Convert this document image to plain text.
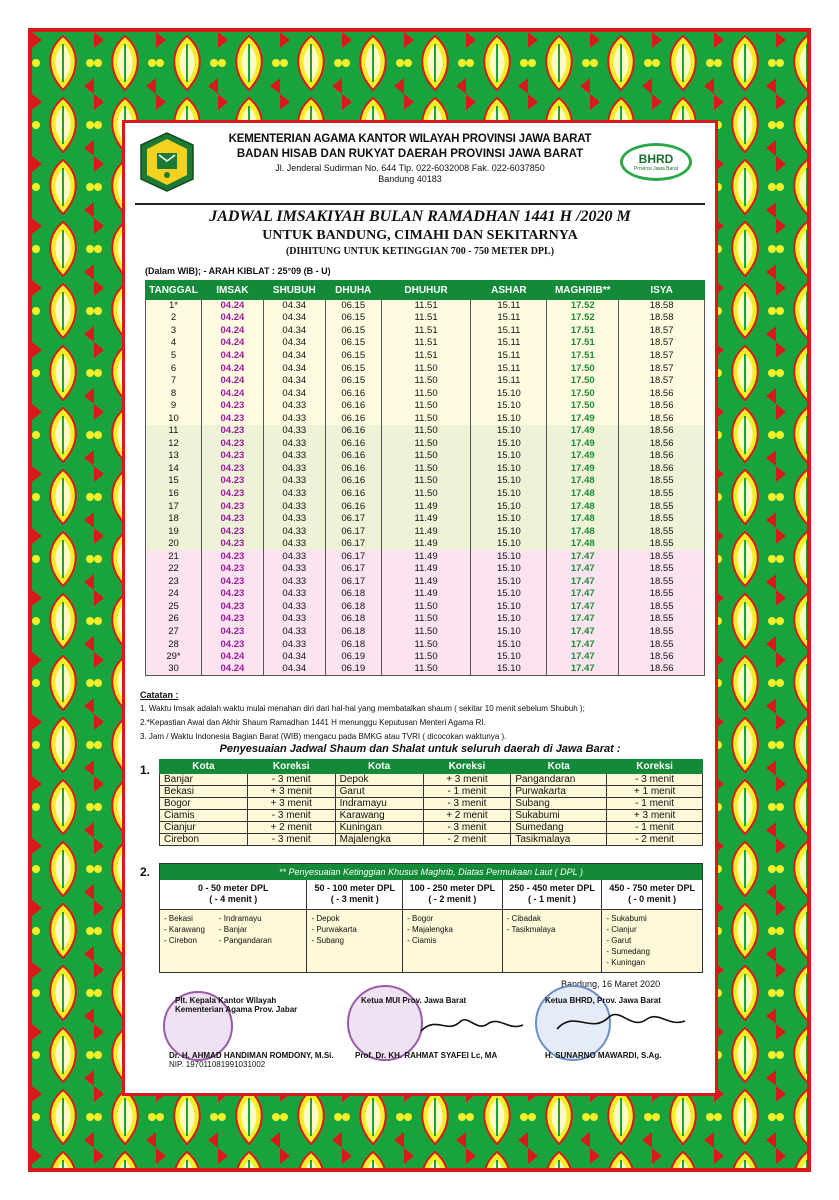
KEMENTERIAN AGAMA KANTOR WILAYAH PROVINSI JAWA BARAT
BADAN HISAB DAN RUKYAT DAERAH PROVINSI JAWA BARAT
Jl. Jenderal Sudirman No. 644 Tlp. 022-6032008 Fak. 022-6037850
Bandung 40183
BHRD
Provinsi Jawa Barat
JADWAL IMSAKIYAH BULAN RAMADHAN 1441 H /2020 M
UNTUK BANDUNG, CIMAHI DAN SEKITARNYA
(DIHITUNG UNTUK KETINGGIAN 700 - 750 METER DPL)
(Dalam WIB); - ARAH KIBLAT : 25°09 (B - U)
TANGGAL	IMSAK	SHUBUH	DHUHA	DHUHUR	ASHAR	MAGHRIB**	ISYA
1*	04.24	04.34	06.15	11.51	15.11	17.52	18.58
2	04.24	04.34	06.15	11.51	15.11	17.52	18.58
3	04.24	04.34	06.15	11.51	15.11	17.51	18.57
4	04.24	04.34	06.15	11.51	15.11	17.51	18.57
5	04.24	04.34	06.15	11.51	15.11	17.51	18.57
6	04.24	04.34	06.15	11.50	15.11	17.50	18.57
7	04.24	04.34	06.15	11.50	15.11	17.50	18.57
8	04.24	04.34	06.16	11.50	15.10	17.50	18.56
9	04.23	04.33	06.16	11.50	15.10	17.50	18.56
10	04.23	04.33	06.16	11.50	15.10	17.49	18.56
11	04.23	04.33	06.16	11.50	15.10	17.49	18.56
12	04.23	04.33	06.16	11.50	15.10	17.49	18.56
13	04.23	04.33	06.16	11.50	15.10	17.49	18.56
14	04.23	04.33	06.16	11.50	15.10	17.49	18.56
15	04.23	04.33	06.16	11.50	15.10	17.48	18.55
16	04.23	04.33	06.16	11.50	15.10	17.48	18.55
17	04.23	04.33	06.16	11.49	15.10	17.48	18.55
18	04.23	04.33	06.17	11.49	15.10	17.48	18.55
19	04.23	04.33	06.17	11.49	15.10	17.48	18.55
20	04.23	04.33	06.17	11.49	15.10	17.48	18.55
21	04.23	04.33	06.17	11.49	15.10	17.47	18.55
22	04.23	04.33	06.17	11.49	15.10	17.47	18.55
23	04.23	04.33	06.17	11.49	15.10	17.47	18.55
24	04.23	04.33	06.18	11.49	15.10	17.47	18.55
25	04.23	04.33	06.18	11.50	15.10	17.47	18.55
26	04.23	04.33	06.18	11.50	15.10	17.47	18.55
27	04.23	04.33	06.18	11.50	15.10	17.47	18.55
28	04.23	04.33	06.18	11.50	15.10	17.47	18.55
29*	04.24	04.34	06.19	11.50	15.10	17.47	18.56
30	04.24	04.34	06.19	11.50	15.10	17.47	18.56
Catatan :
1. Waktu Imsak adalah waktu mulai menahan diri dari hal-hal yang membatalkan shaum ( sekitar 10 menit sebelum Shubuh );
2.*Kepastian Awal dan Akhir Shaum Ramadhan 1441 H menunggu Keputusan Menteri Agama RI.
3. Jam / Waktu Indonesia Bagian Barat (WIB) mengacu pada BMKG atau TVRI ( dicocokan waktunya ).
Penyesuaian Jadwal Shaum dan Shalat untuk seluruh daerah di Jawa Barat :
1.	Kota	Koreksi	Kota	Koreksi	Kota	Koreksi
Banjar	- 3 menit	Depok	+ 3 menit	Pangandaran	- 3 menit
Bekasi	+ 3 menit	Garut	- 1 menit	Purwakarta	+ 1 menit
Bogor	+ 3 menit	Indramayu	- 3 menit	Subang	- 1 menit
Ciamis	- 3 menit	Karawang	+ 2 menit	Sukabumi	+ 3 menit
Cianjur	+ 2 menit	Kuningan	- 3 menit	Sumedang	- 1 menit
Cirebon	- 3 menit	Majalengka	- 2 menit	Tasikmalaya	- 2 menit
2.	** Penyesuaian Ketinggian Khusus Maghrib, Diatas Permukaan Laut ( DPL )
0 - 50 meter DPL
( - 4 menit )
- Bekasi
- Karawang
- Cirebon
- Indramayu
- Banjar
- Pangandaran
50 - 100 meter DPL
( - 3 menit )
- Depok
- Purwakarta
- Subang
100 - 250 meter DPL
( - 2 menit )
- Bogor
- Majalengka
- Ciamis
250 - 450 meter DPL
( - 1 menit )
- Cibadak
- Tasikmalaya
450 - 750 meter DPL
( - 0 menit )
- Sukabumi
- Cianjur
- Garut
- Sumedang
- Kuningan
Bandung, 16 Maret 2020
Plt. Kepala Kantor Wilayah
Kementerian Agama Prov. Jabar
Dr. H. AHMAD HANDIMAN ROMDONY, M.Si.
NIP. 197011081991031002
Ketua MUI Prov. Jawa Barat
Prof. Dr. KH. RAHMAT SYAFEI Lc, MA
Ketua BHRD, Prov. Jawa Barat
H. SUNARNO MAWARDI, S.Ag.
